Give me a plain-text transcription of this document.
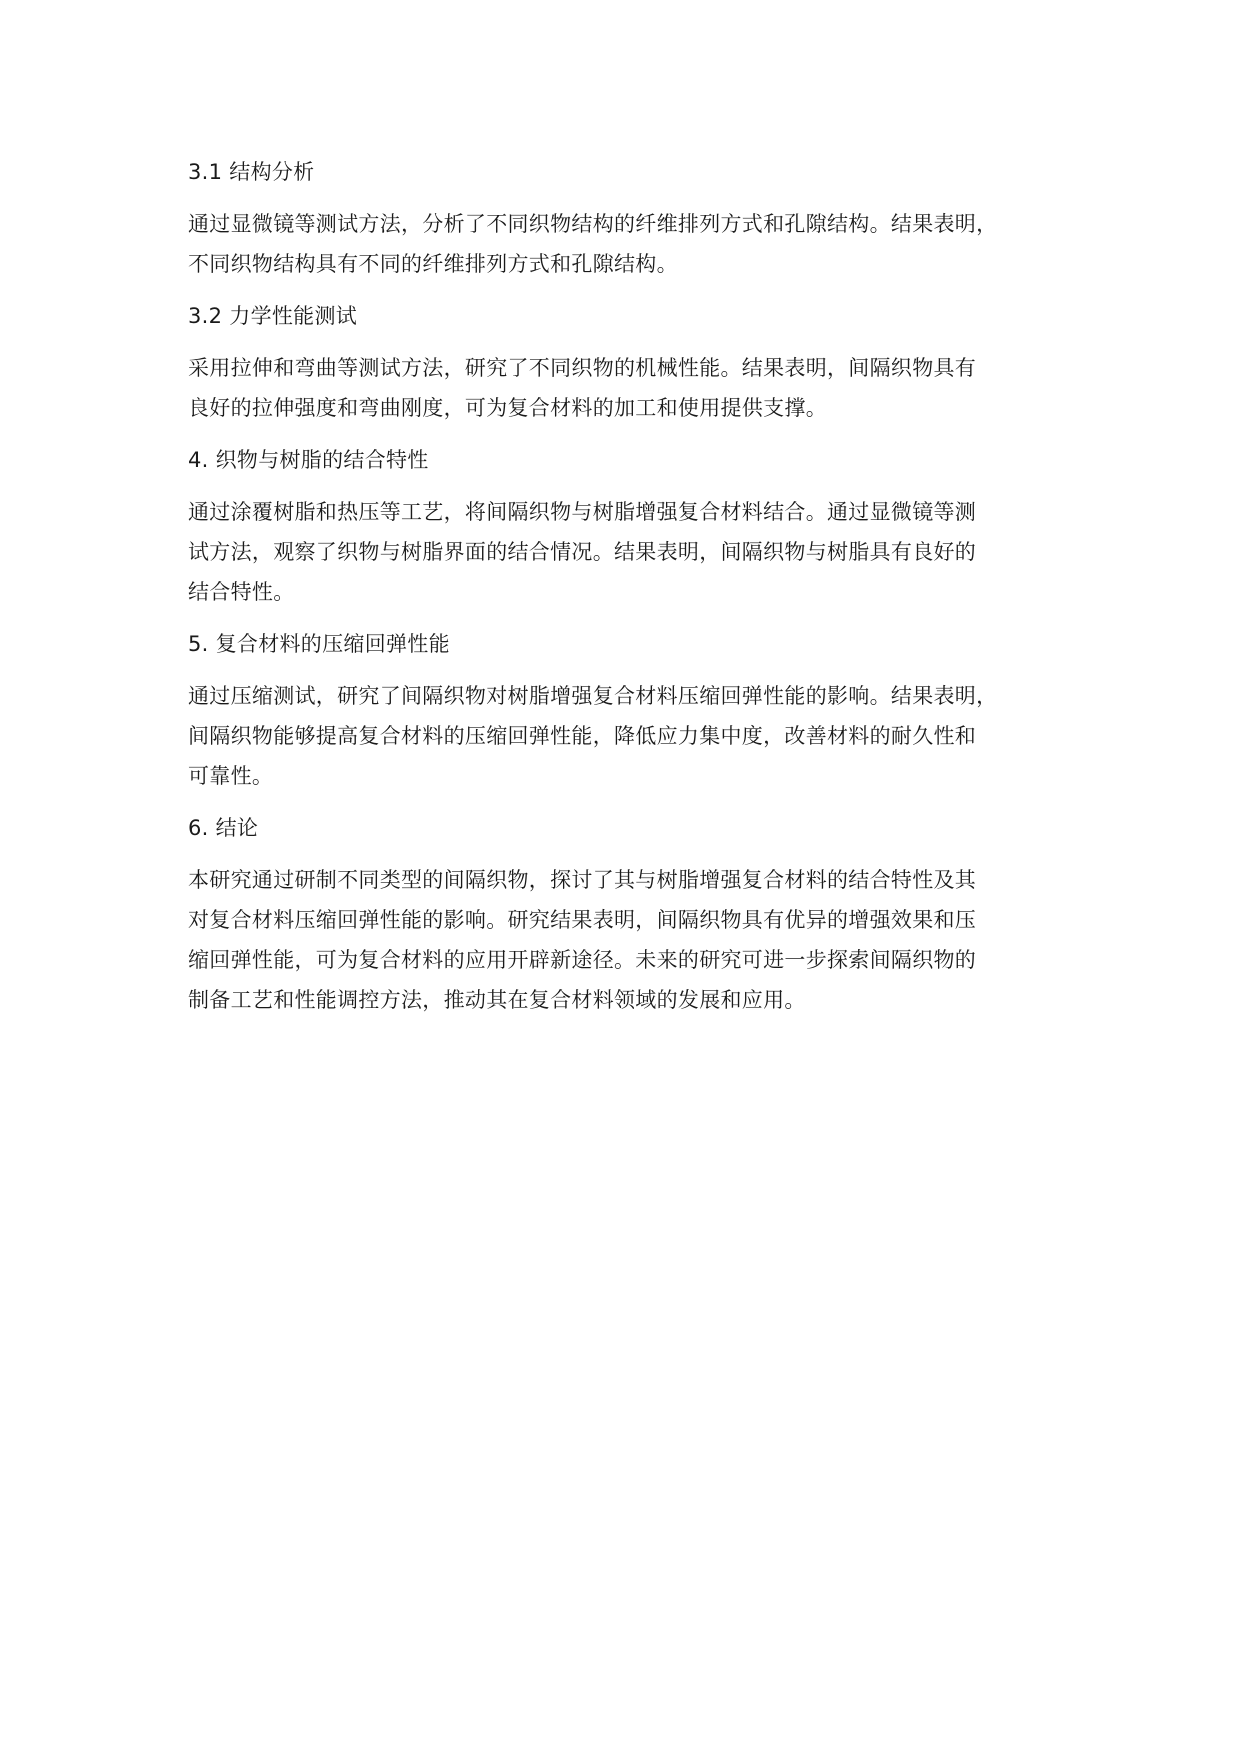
3.1 结构分析

通过显微镜等测试方法，分析了不同织物结构的纤维排列方式和孔隙结构。结果表明，
不同织物结构具有不同的纤维排列方式和孔隙结构。

3.2 力学性能测试

采用拉伸和弯曲等测试方法，研究了不同织物的机械性能。结果表明，间隔织物具有
良好的拉伸强度和弯曲刚度，可为复合材料的加工和使用提供支撑。

4. 织物与树脂的结合特性

通过涂覆树脂和热压等工艺，将间隔织物与树脂增强复合材料结合。通过显微镜等测
试方法，观察了织物与树脂界面的结合情况。结果表明，间隔织物与树脂具有良好的
结合特性。

5. 复合材料的压缩回弹性能

通过压缩测试，研究了间隔织物对树脂增强复合材料压缩回弹性能的影响。结果表明，
间隔织物能够提高复合材料的压缩回弹性能，降低应力集中度，改善材料的耐久性和
可靠性。

6. 结论

本研究通过研制不同类型的间隔织物，探讨了其与树脂增强复合材料的结合特性及其
对复合材料压缩回弹性能的影响。研究结果表明，间隔织物具有优异的增强效果和压
缩回弹性能，可为复合材料的应用开辟新途径。未来的研究可进一步探索间隔织物的
制备工艺和性能调控方法，推动其在复合材料领域的发展和应用。
